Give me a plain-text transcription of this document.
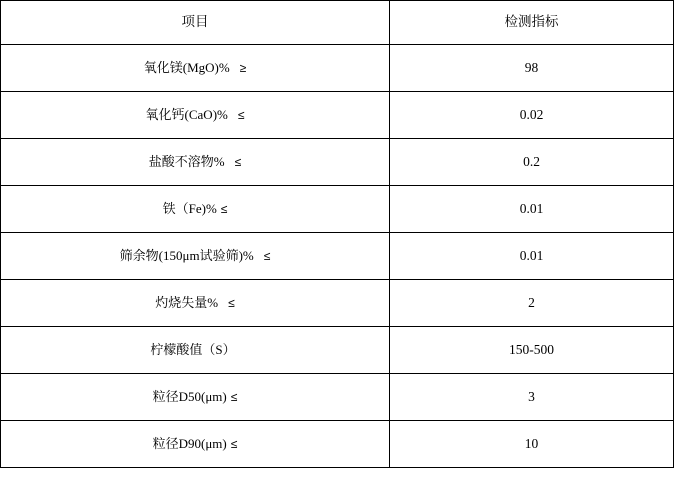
项目	检测指标
氧化镁(MgO)% ≥	98
氧化钙(CaO)% ≤	0.02
盐酸不溶物% ≤	0.2
铁（Fe)% ≤	0.01
筛余物(150μm试验筛)% ≤	0.01
灼烧失量% ≤	2
柠檬酸值（S）	150-500
粒径D50(μm) ≤	3
粒径D90(μm) ≤	10
